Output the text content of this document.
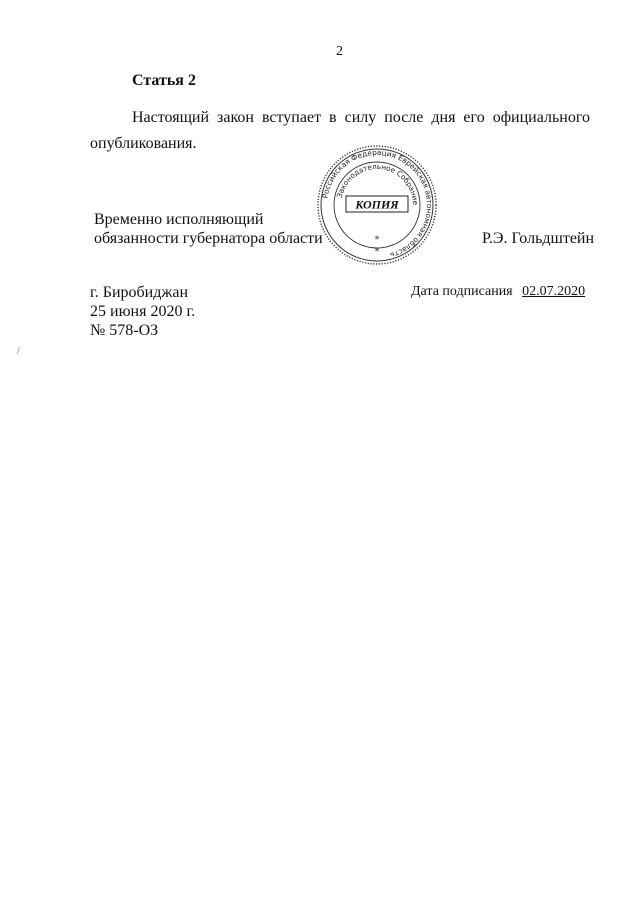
2
Статья 2
Настоящий закон вступает в силу после дня его официального
опубликования.
Временно исполняющий
обязанности губернатора области	Р.Э. Гольдштейн
Российская Федерация Еврейская автономная область
Законодательное Собрание
КОПИЯ
*
*
г. Биробиджан
25 июня 2020 г.
№ 578-ОЗ
Дата подписания 02.07.2020
/
